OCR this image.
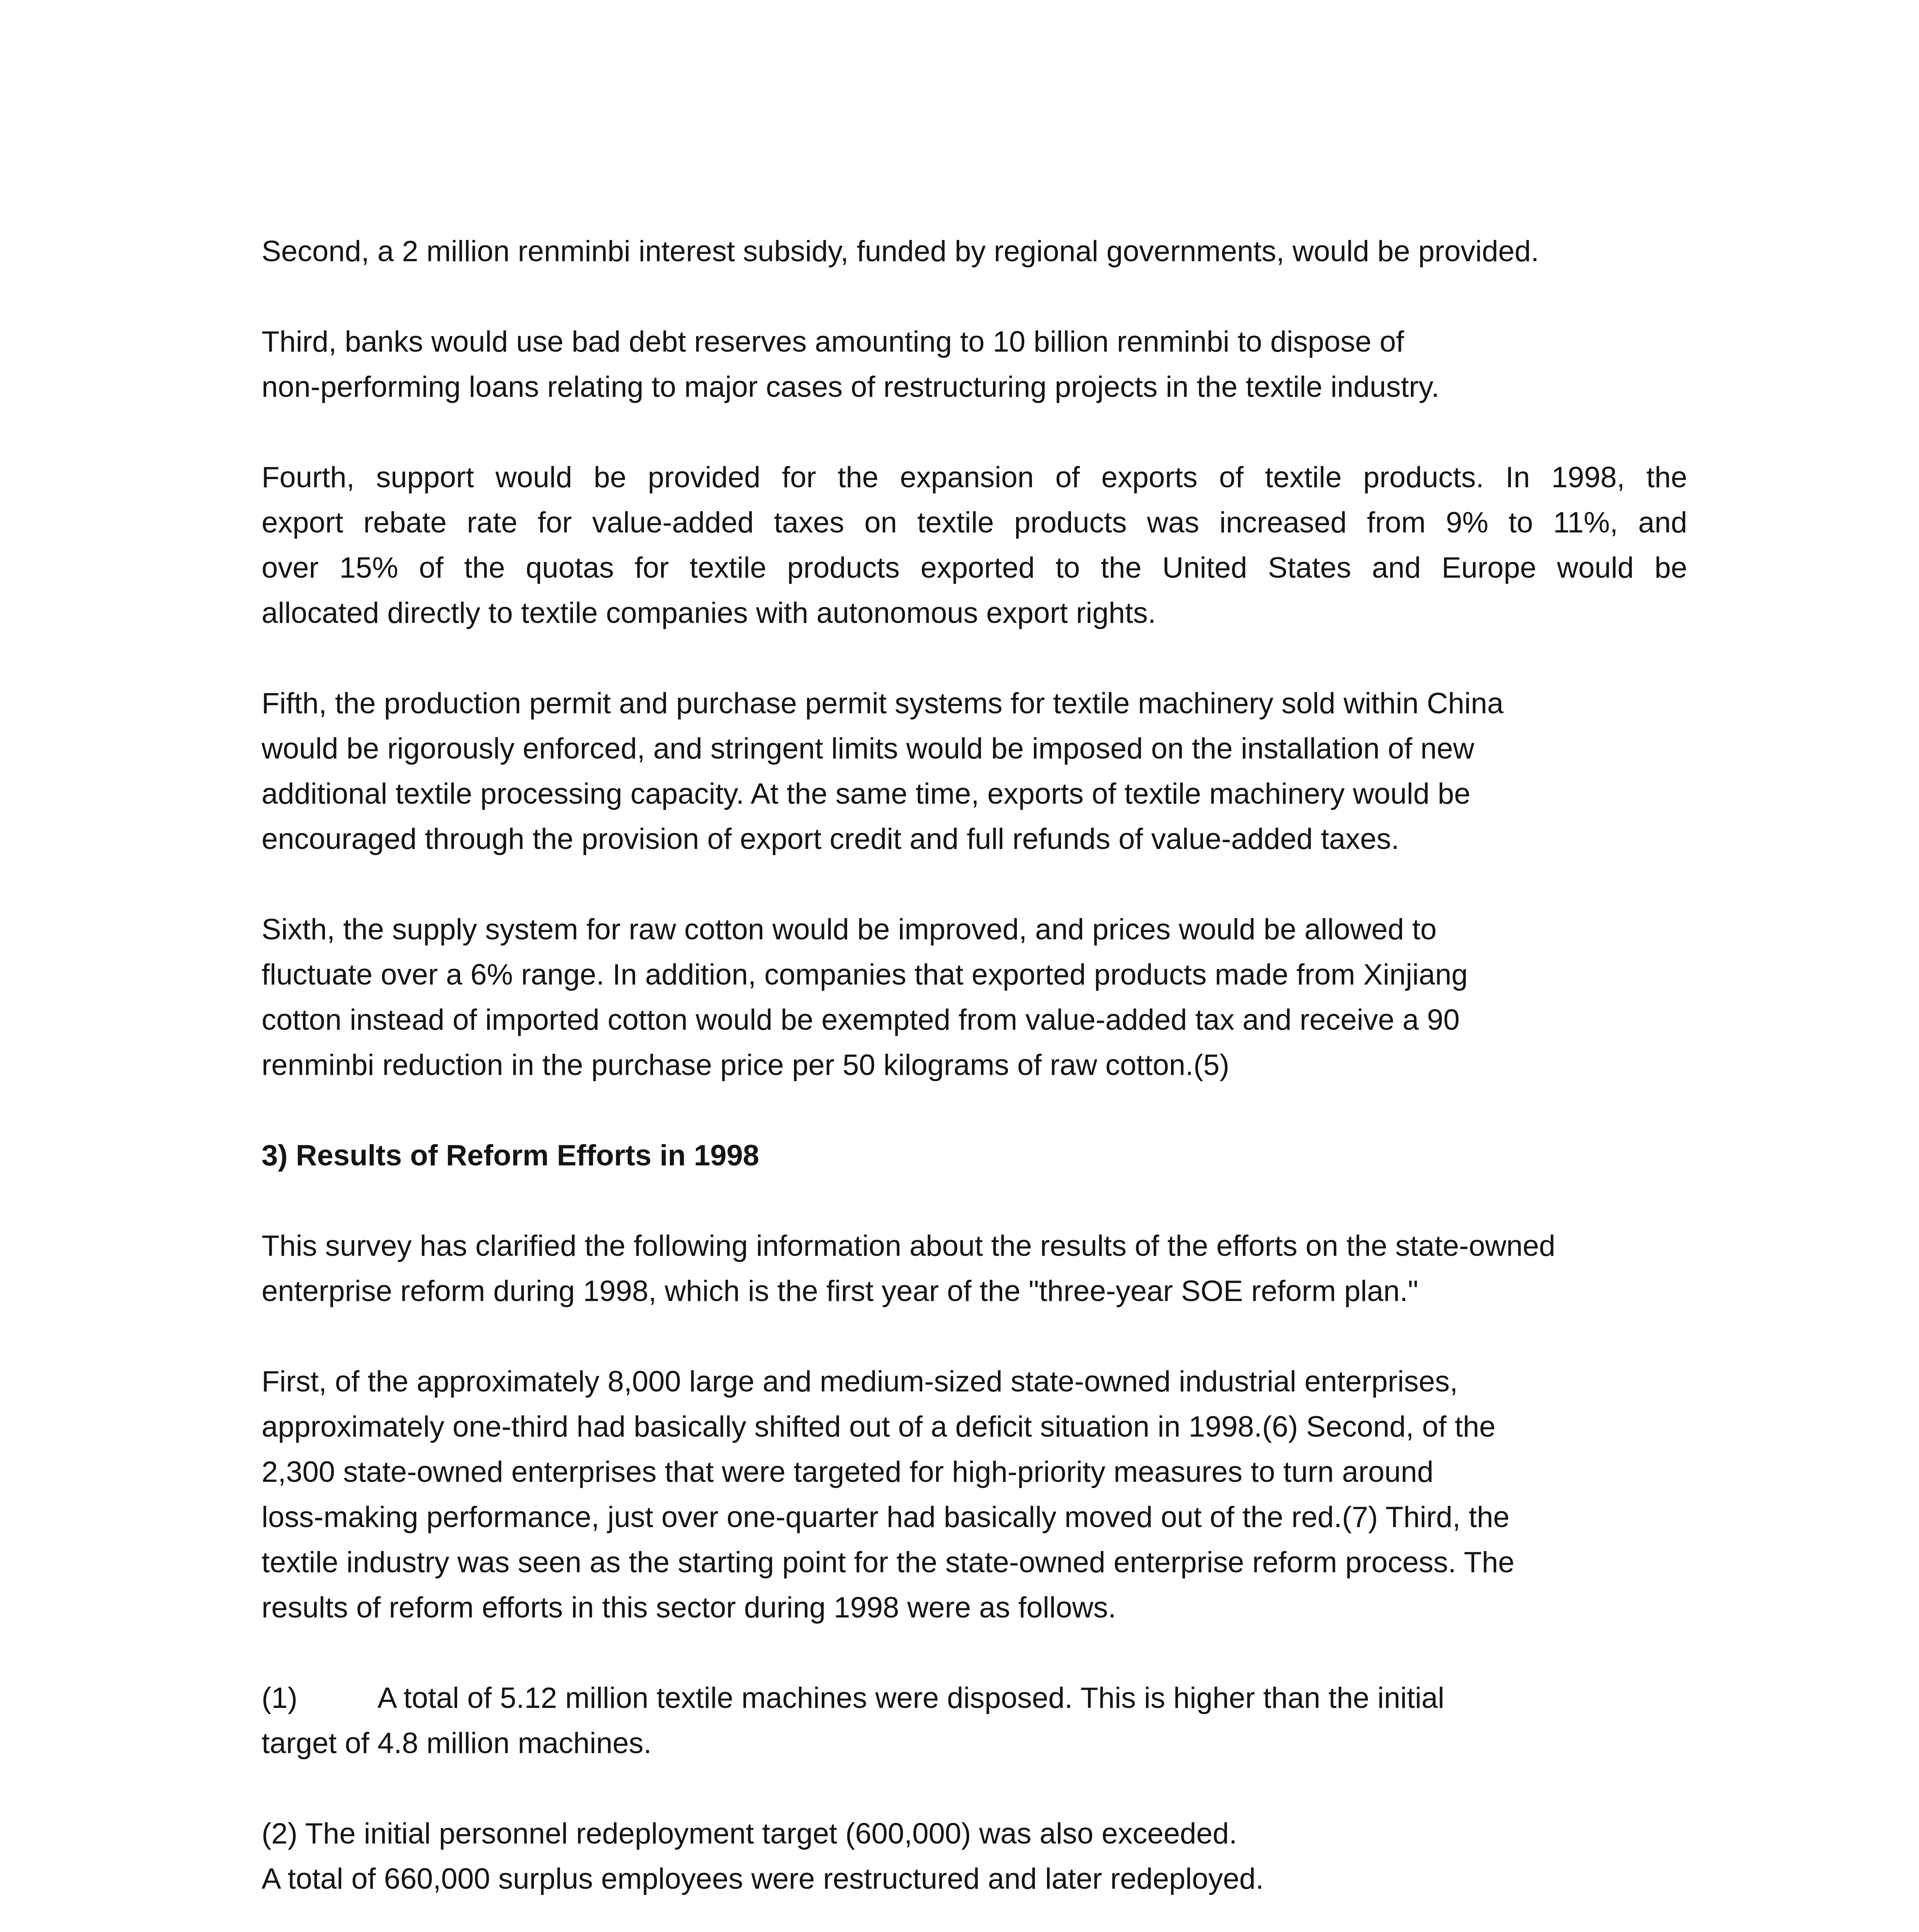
Second, a 2 million renminbi interest subsidy, funded by regional governments, would be provided.
Third, banks would use bad debt reserves amounting to 10 billion renminbi to dispose of
non-performing loans relating to major cases of restructuring projects in the textile industry.
Fourth, support would be provided for the expansion of exports of textile products. In 1998, the
export rebate rate for value-added taxes on textile products was increased from 9% to 11%, and
over 15% of the quotas for textile products exported to the United States and Europe would be
allocated directly to textile companies with autonomous export rights.
Fifth, the production permit and purchase permit systems for textile machinery sold within China
would be rigorously enforced, and stringent limits would be imposed on the installation of new
additional textile processing capacity. At the same time, exports of textile machinery would be
encouraged through the provision of export credit and full refunds of value-added taxes.
Sixth, the supply system for raw cotton would be improved, and prices would be allowed to
fluctuate over a 6% range. In addition, companies that exported products made from Xinjiang
cotton instead of imported cotton would be exempted from value-added tax and receive a 90
renminbi reduction in the purchase price per 50 kilograms of raw cotton.(5)
3) Results of Reform Efforts in 1998
This survey has clarified the following information about the results of the efforts on the state-owned
enterprise reform during 1998, which is the first year of the "three-year SOE reform plan."
First, of the approximately 8,000 large and medium-sized state-owned industrial enterprises,
approximately one-third had basically shifted out of a deficit situation in 1998.(6) Second, of the
2,300 state-owned enterprises that were targeted for high-priority measures to turn around
loss-making performance, just over one-quarter had basically moved out of the red.(7) Third, the
textile industry was seen as the starting point for the state-owned enterprise reform process. The
results of reform efforts in this sector during 1998 were as follows.
(1)	A total of 5.12 million textile machines were disposed. This is higher than the initial
target of 4.8 million machines.
(2) The initial personnel redeployment target (600,000) was also exceeded.
A total of 660,000 surplus employees were restructured and later redeployed.
